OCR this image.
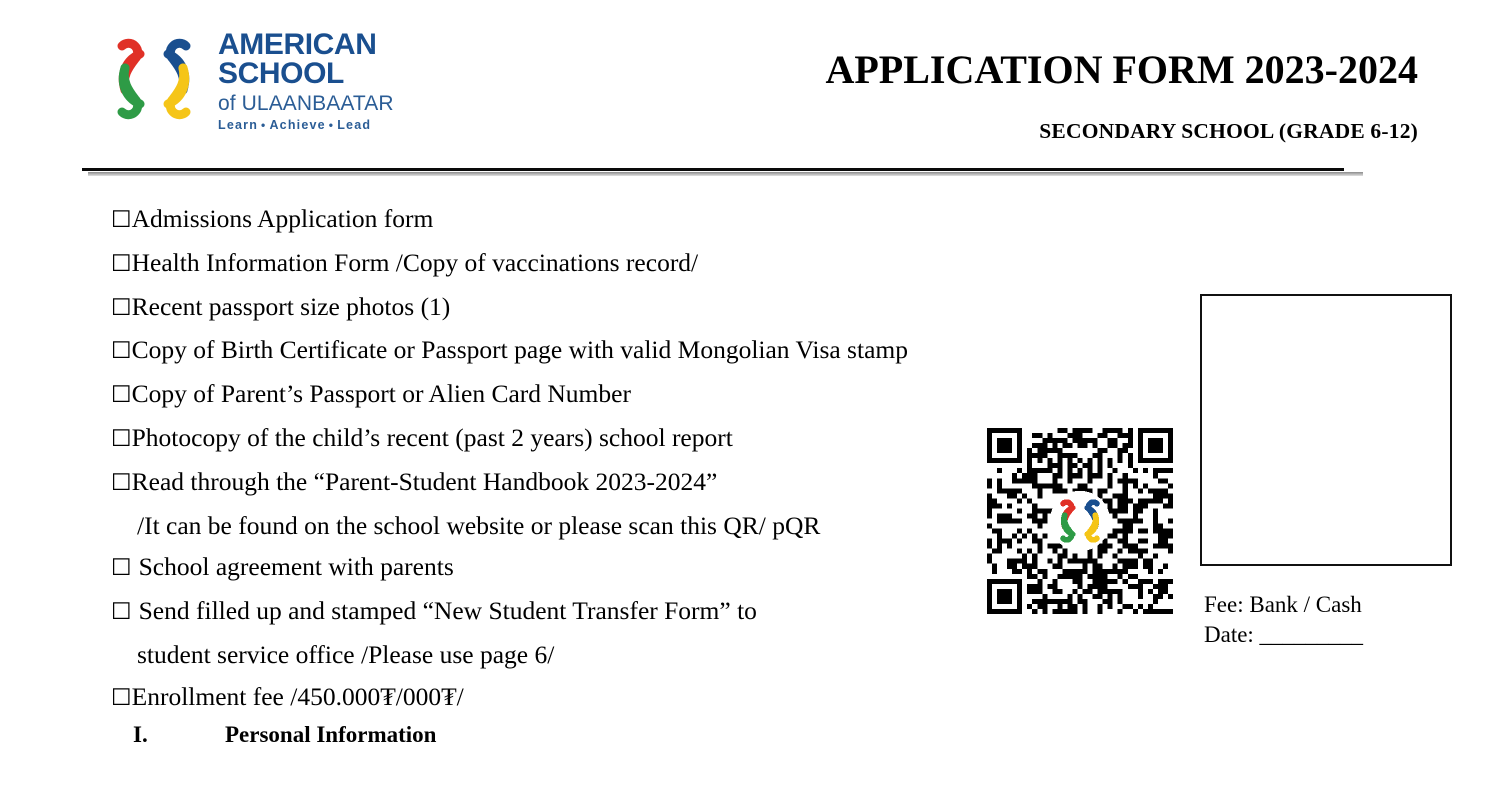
AMERICAN
SCHOOL
of ULAANBAATAR
Learn • Achieve • Lead
APPLICATION FORM 2023-2024
SECONDARY SCHOOL (GRADE 6-12)
☐Admissions Application form
☐Health Information Form /Copy of vaccinations record/
☐Recent passport size photos (1)
☐Copy of Birth Certificate or Passport page with valid Mongolian Visa stamp
☐Copy of Parent’s Passport or Alien Card Number
☐Photocopy of the child’s recent (past 2 years) school report
☐Read through the “Parent-Student Handbook 2023-2024”
/It can be found on the school website or please scan this QR/ pQR
☐ School agreement with parents
☐ Send filled up and stamped “New Student Transfer Form” to
student service office /Please use page 6/
☐Enrollment fee /450.000₮/000₮/
Fee: Bank / Cash
Date: _________
I.	Personal Information
